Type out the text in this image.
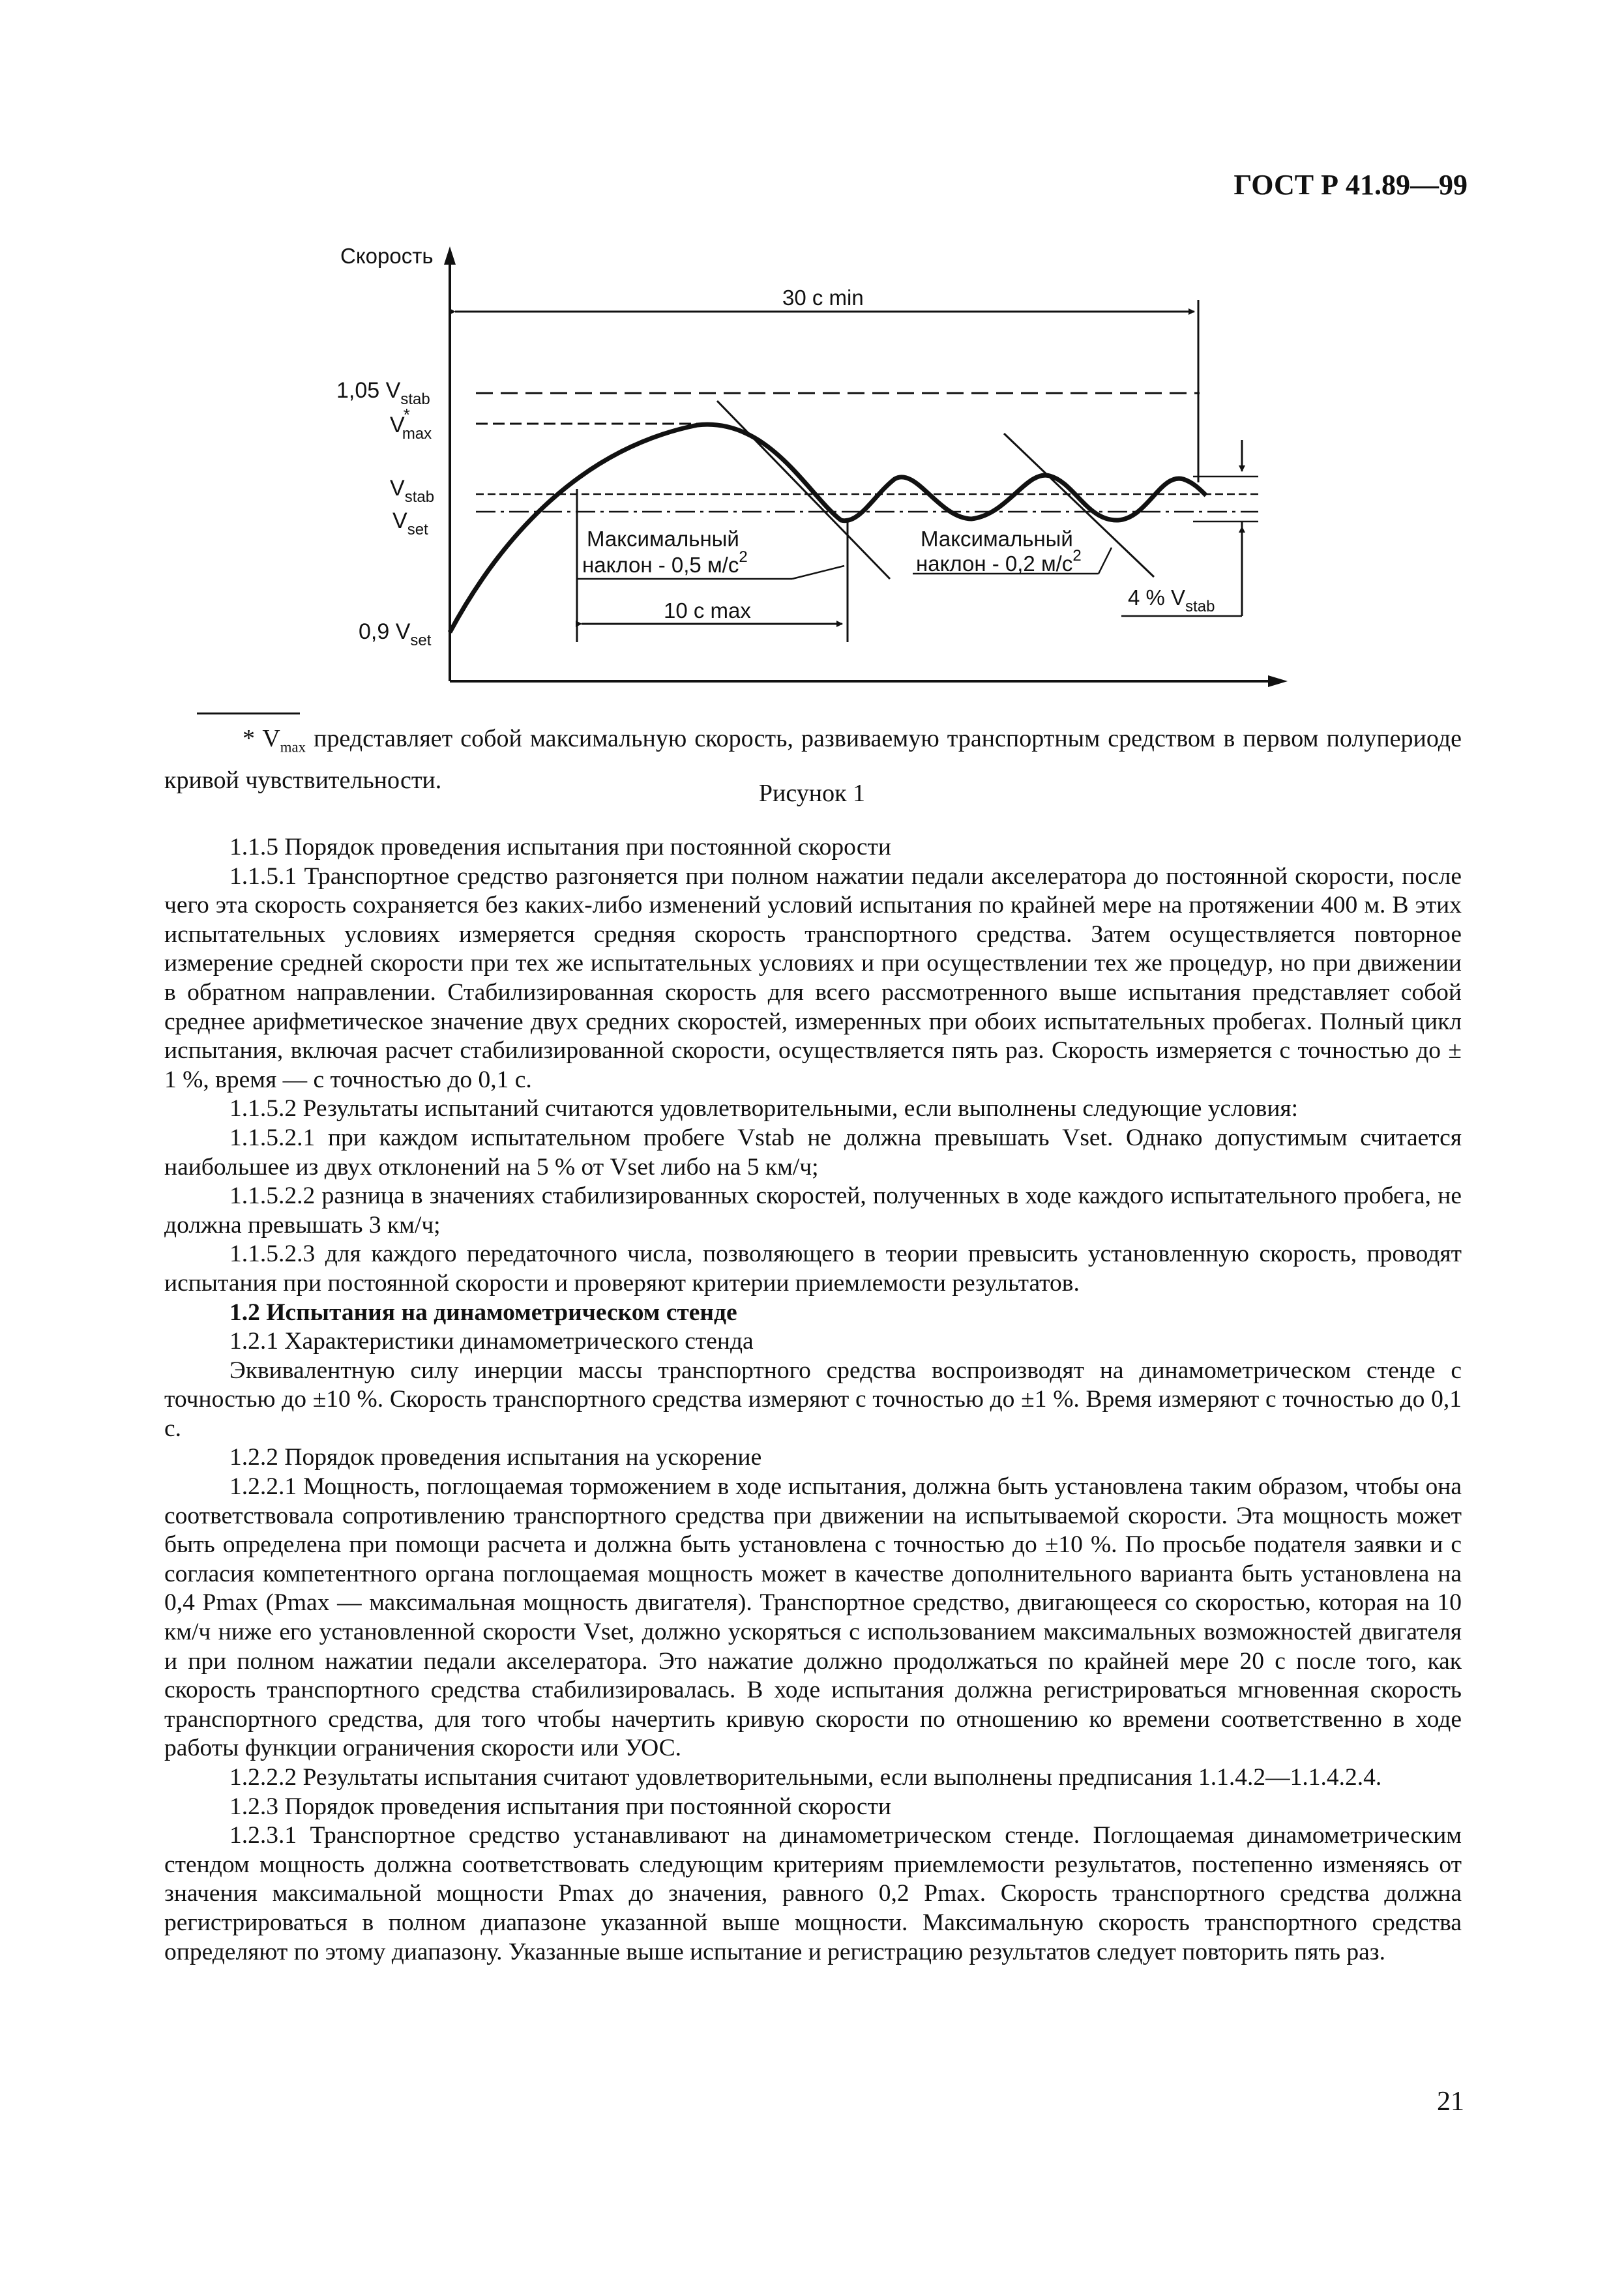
ГОСТ Р 41.89—99
Скорость
1,05 $V_{stab}$
V* max
$V_{stab}$
$V_{set}$
0,9 $V_{set}$
30 с min
10 с max
Максимальный
наклон - 0,5 $м/с^2$
Максимальный
наклон - 0,2 $м/с^2$
4 % $V_{stab}$
* $V_{max}$ представляет собой максимальную скорость, развиваемую транспортным средством в первом полупериоде кривой чувствительности.	Рисунок 1

1.1.5 Порядок проведения испытания при постоянной скорости

1.1.5.1 Транспортное средство разгоняется при полном нажатии педали акселератора до постоянной скорости, после чего эта скорость сохраняется без каких-либо изменений условий испытания по крайней мере на протяжении 400 м. В этих испытательных условиях измеряется средняя скорость транспортного средства. Затем осуществляется повторное измерение средней скорости при тех же испытательных условиях и при осуществлении тех же процедур, но при движении в обратном направлении. Стабилизированная скорость для всего рассмотренного выше испытания представляет собой среднее арифметическое значение двух средних скоростей, измеренных при обоих испытательных пробегах. Полный цикл испытания, включая расчет стабилизированной скорости, осуществляется пять раз. Скорость измеряется с точностью до ± 1 %, время — с точностью до 0,1 с.

1.1.5.2 Результаты испытаний считаются удовлетворительными, если выполнены следующие условия:

1.1.5.2.1 при каждом испытательном пробеге Vstab не должна превышать Vset. Однако допустимым считается наибольшее из двух отклонений на 5 % от Vset либо на 5 км/ч;

1.1.5.2.2 разница в значениях стабилизированных скоростей, полученных в ходе каждого испытательного пробега, не должна превышать 3 км/ч;

1.1.5.2.3 для каждого передаточного числа, позволяющего в теории превысить установленную скорость, проводят испытания при постоянной скорости и проверяют критерии приемлемости результатов.

1.2 Испытания на динамометрическом стенде

1.2.1 Характеристики динамометрического стенда

Эквивалентную силу инерции массы транспортного средства воспроизводят на динамометрическом стенде с точностью до ±10 %. Скорость транспортного средства измеряют с точностью до ±1 %. Время измеряют с точностью до 0,1 с.

1.2.2 Порядок проведения испытания на ускорение

1.2.2.1 Мощность, поглощаемая торможением в ходе испытания, должна быть установлена таким образом, чтобы она соответствовала сопротивлению транспортного средства при движении на испытываемой скорости. Эта мощность может быть определена при помощи расчета и должна быть установлена с точностью до ±10 %. По просьбе подателя заявки и с согласия компетентного органа поглощаемая мощность может в качестве дополнительного варианта быть установлена на 0,4 Pmax (Pmax — максимальная мощность двигателя). Транспортное средство, двигающееся со скоростью, которая на 10 км/ч ниже его установленной скорости Vset, должно ускоряться с использованием максимальных возможностей двигателя и при полном нажатии педали акселератора. Это нажатие должно продолжаться по крайней мере 20 с после того, как скорость транспортного средства стабилизировалась. В ходе испытания должна регистрироваться мгновенная скорость транспортного средства, для того чтобы начертить кривую скорости по отношению ко времени соответственно в ходе работы функции ограничения скорости или УОС.

1.2.2.2 Результаты испытания считают удовлетворительными, если выполнены предписания 1.1.4.2—1.1.4.2.4.

1.2.3 Порядок проведения испытания при постоянной скорости

1.2.3.1 Транспортное средство устанавливают на динамометрическом стенде. Поглощаемая динамометрическим стендом мощность должна соответствовать следующим критериям приемлемости результатов, постепенно изменяясь от значения максимальной мощности Pmax до значения, равного 0,2 Pmax. Скорость транспортного средства должна регистрироваться в полном диапазоне указанной выше мощности. Максимальную скорость транспортного средства определяют по этому диапазону. Указанные выше испытание и регистрацию результатов следует повторить пять раз.

21
